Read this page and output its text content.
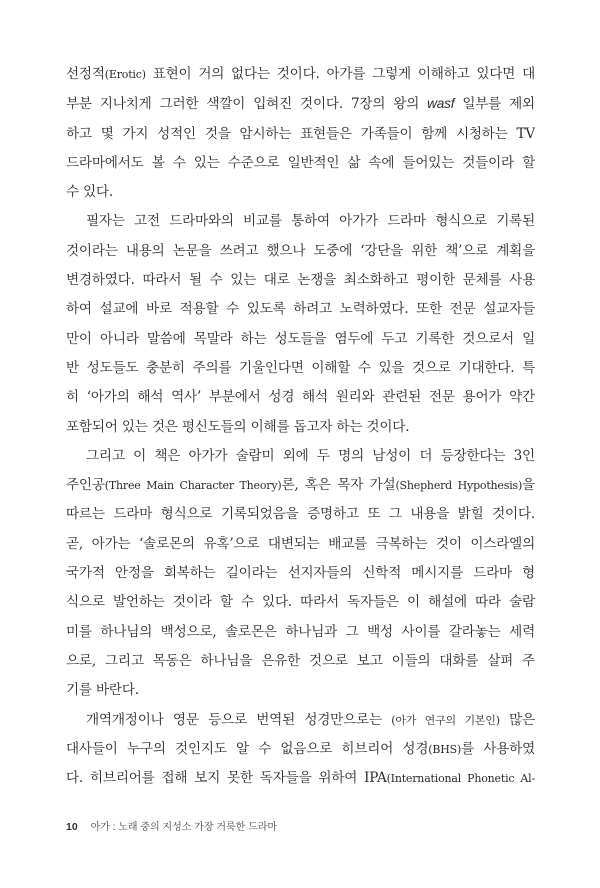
선정적(Erotic) 표현이 거의 없다는 것이다. 아가를 그렇게 이해하고 있다면 대
부분 지나치게 그러한 색깔이 입혀진 것이다. 7장의 왕의 wasf 일부를 제외
하고 몇 가지 성적인 것을 암시하는 표현들은 가족들이 함께 시청하는 TV
드라마에서도 볼 수 있는 수준으로 일반적인 삶 속에 들어있는 것들이라 할
수 있다.

필자는 고전 드라마와의 비교를 통하여 아가가 드라마 형식으로 기록된
것이라는 내용의 논문을 쓰려고 했으나 도중에 ‘강단을 위한 책’으로 계획을
변경하였다. 따라서 될 수 있는 대로 논쟁을 최소화하고 평이한 문체를 사용
하여 설교에 바로 적용할 수 있도록 하려고 노력하였다. 또한 전문 설교자들
만이 아니라 말씀에 목말라 하는 성도들을 염두에 두고 기록한 것으로서 일
반 성도들도 충분히 주의를 기울인다면 이해할 수 있을 것으로 기대한다. 특
히 ‘아가의 해석 역사’ 부분에서 성경 해석 원리와 관련된 전문 용어가 약간
포함되어 있는 것은 평신도들의 이해를 돕고자 하는 것이다.

그리고 이 책은 아가가 술람미 외에 두 명의 남성이 더 등장한다는 3인
주인공(Three Main Character Theory)론, 혹은 목자 가설(Shepherd Hypothesis)을
따르는 드라마 형식으로 기록되었음을 증명하고 또 그 내용을 밝힐 것이다.
곧, 아가는 ‘솔로몬의 유혹’으로 대변되는 배교를 극복하는 것이 이스라엘의
국가적 안정을 회복하는 길이라는 선지자들의 신학적 메시지를 드라마 형
식으로 발언하는 것이라 할 수 있다. 따라서 독자들은 이 해설에 따라 술람
미를 하나님의 백성으로, 솔로몬은 하나님과 그 백성 사이를 갈라놓는 세력
으로, 그리고 목동은 하나님을 은유한 것으로 보고 이들의 대화를 살펴 주
기를 바란다.

개역개정이나 영문 등으로 번역된 성경만으로는 (아가 연구의 기본인) 많은
대사들이 누구의 것인지도 알 수 없음으로 히브리어 성경(BHS)를 사용하였
다. 히브리어를 접해 보지 못한 독자들을 위하여 IPA(International Phonetic Al-

10 아가 : 노래 중의 지성소 가장 거룩한 드라마
